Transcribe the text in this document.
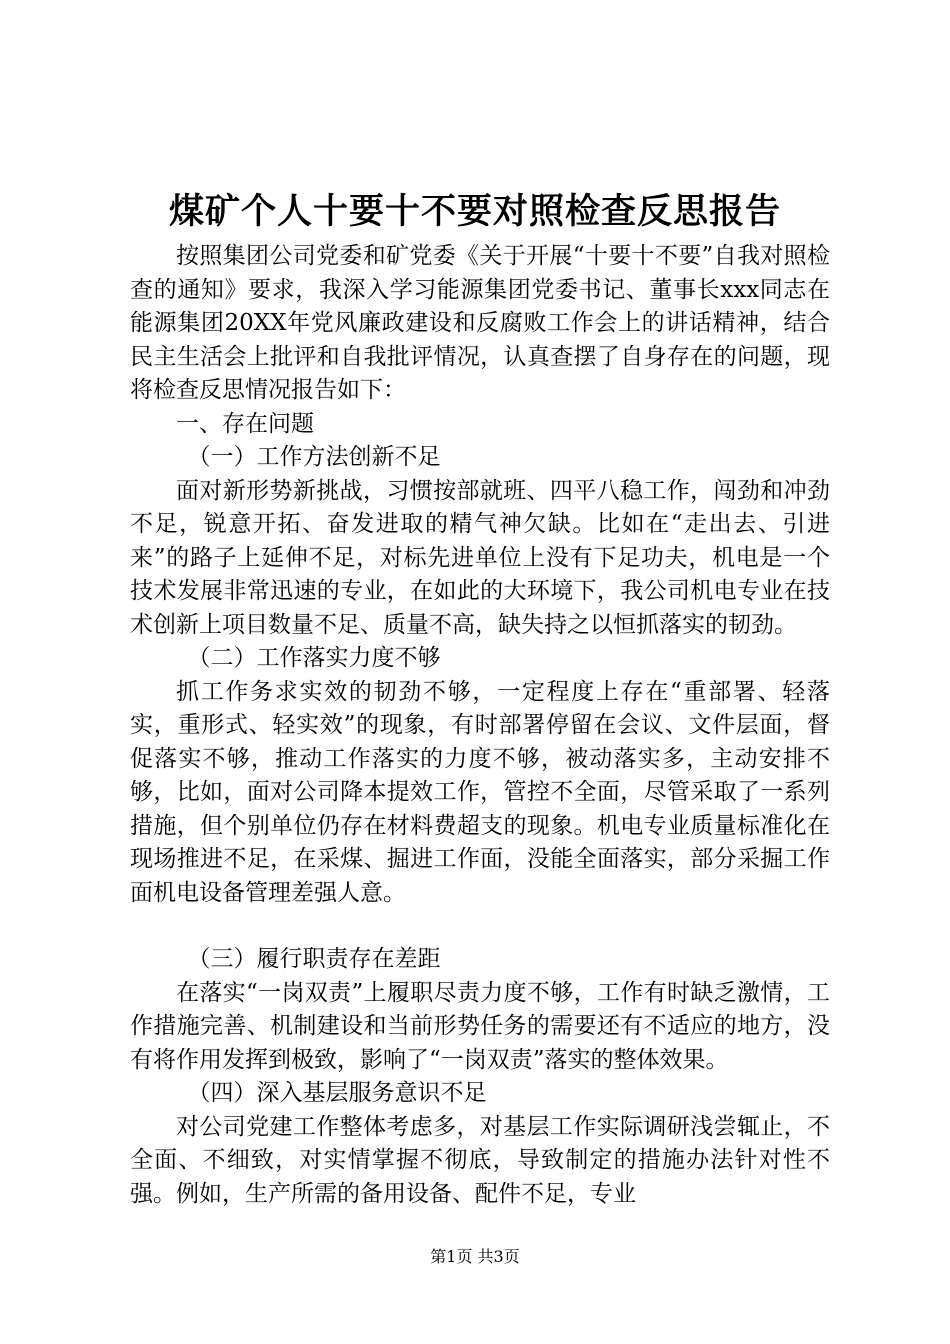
煤矿个人十要十不要对照检查反思报告

按照集团公司党委和矿党委《关于开展“十要十不要”自我对照检查的通知》要求，我深入学习能源集团党委书记、董事长xxx同志在能源集团20XX年党风廉政建设和反腐败工作会上的讲话精神，结合民主生活会上批评和自我批评情况，认真查摆了自身存在的问题，现将检查反思情况报告如下：

一、存在问题

（一）工作方法创新不足

面对新形势新挑战，习惯按部就班、四平八稳工作，闯劲和冲劲不足，锐意开拓、奋发进取的精气神欠缺。比如在“走出去、引进来”的路子上延伸不足，对标先进单位上没有下足功夫，机电是一个技术发展非常迅速的专业，在如此的大环境下，我公司机电专业在技术创新上项目数量不足、质量不高，缺失持之以恒抓落实的韧劲。

（二）工作落实力度不够

抓工作务求实效的韧劲不够，一定程度上存在“重部署、轻落实，重形式、轻实效”的现象，有时部署停留在会议、文件层面，督促落实不够，推动工作落实的力度不够，被动落实多，主动安排不够，比如，面对公司降本提效工作，管控不全面，尽管采取了一系列措施，但个别单位仍存在材料费超支的现象。机电专业质量标准化在现场推进不足，在采煤、掘进工作面，没能全面落实，部分采掘工作面机电设备管理差强人意。

（三）履行职责存在差距

在落实“一岗双责”上履职尽责力度不够，工作有时缺乏激情，工作措施完善、机制建设和当前形势任务的需要还有不适应的地方，没有将作用发挥到极致，影响了“一岗双责”落实的整体效果。

（四）深入基层服务意识不足

对公司党建工作整体考虑多，对基层工作实际调研浅尝辄止，不全面、不细致，对实情掌握不彻底，导致制定的措施办法针对性不强。例如，生产所需的备用设备、配件不足，专业

第1页 共3页
